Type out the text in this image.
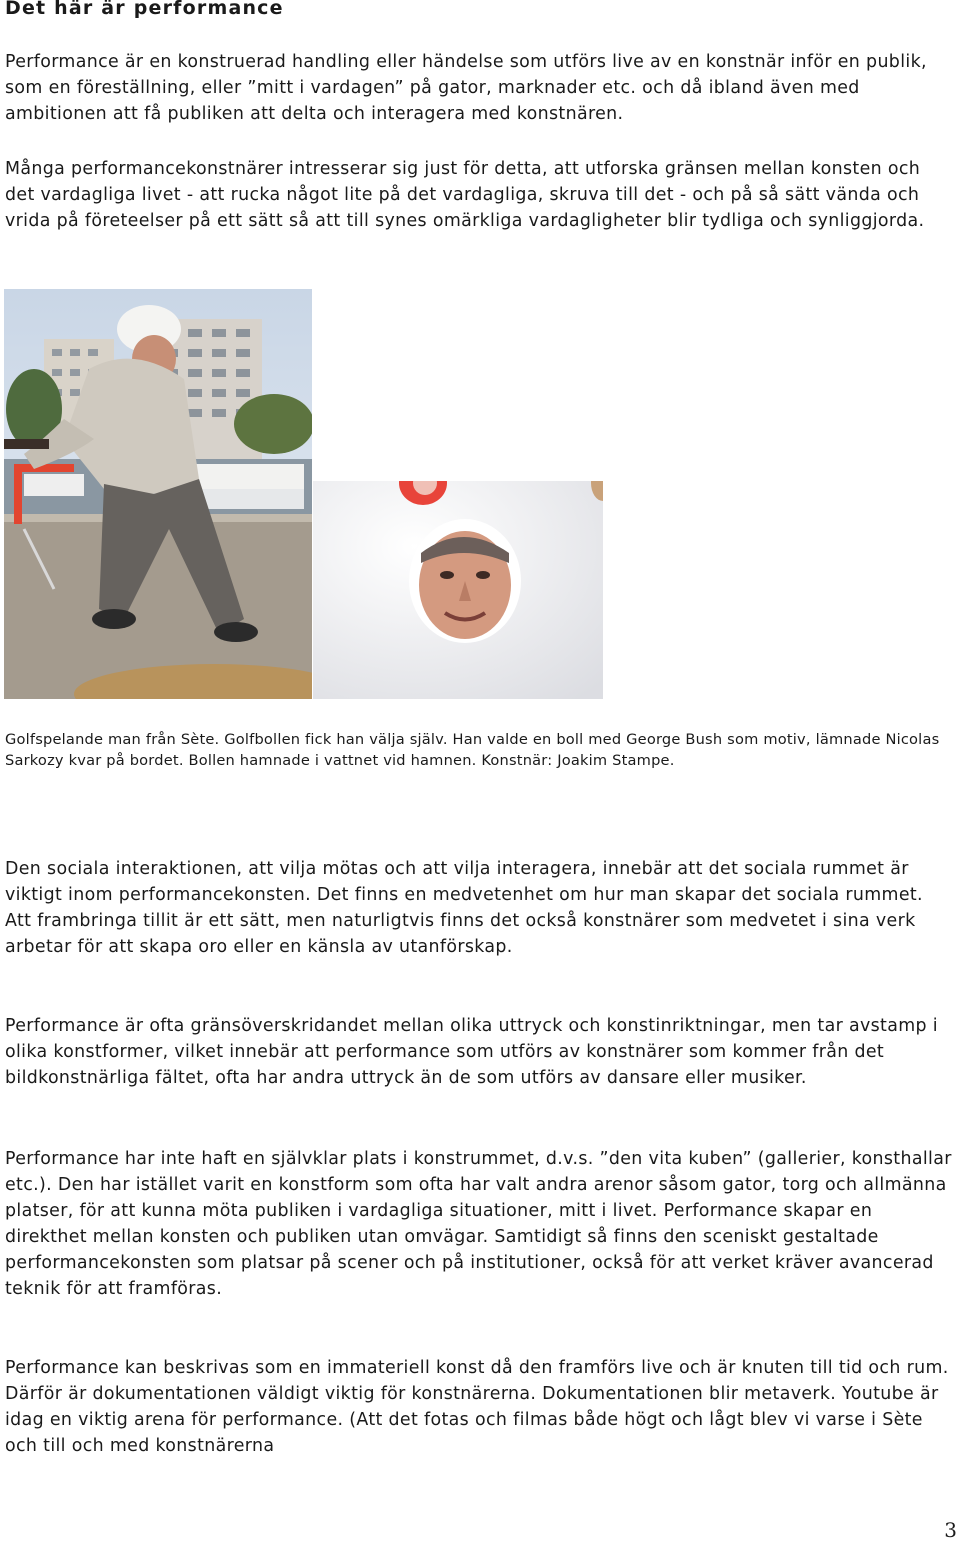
Det här är performance

Performance är en konstruerad handling eller händelse som utförs live av en konstnär inför en publik, som en föreställning, eller ”mitt i vardagen” på gator, marknader etc. och då ibland även med ambitionen att få publiken att delta och interagera med konstnären.

Många performancekonstnärer intresserar sig just för detta, att utforska gränsen mellan konsten och det vardagliga livet - att rucka något lite på det vardagliga, skruva till det - och på så sätt vända och vrida på företeelser på ett sätt så att till synes omärkliga vardagligheter blir tydliga och synliggjorda.

Golfspelande man från Sète. Golfbollen fick han välja själv. Han valde en boll med George Bush som motiv, lämnade Nicolas Sarkozy kvar på bordet. Bollen hamnade i vattnet vid hamnen. Konstnär: Joakim Stampe.

Den sociala interaktionen, att vilja mötas och att vilja interagera, innebär att det sociala rummet är viktigt inom performancekonsten. Det finns en medvetenhet om hur man skapar det sociala rummet. Att frambringa tillit är ett sätt, men naturligtvis finns det också konstnärer som medvetet i sina verk arbetar för att skapa oro eller en känsla av utanförskap.

Performance är ofta gränsöverskridandet mellan olika uttryck och konstinriktningar, men tar avstamp i olika konstformer, vilket innebär att performance som utförs av konstnärer som kommer från det bildkonstnärliga fältet, ofta har andra uttryck än de som utförs av dansare eller musiker.

Performance har inte haft en självklar plats i konstrummet, d.v.s. ”den vita kuben” (gallerier, konsthallar etc.). Den har istället varit en konstform som ofta har valt andra arenor såsom gator, torg och allmänna platser, för att kunna möta publiken i vardagliga situationer, mitt i livet. Performance skapar en direkthet mellan konsten och publiken utan omvägar. Samtidigt så finns den sceniskt gestaltade performancekonsten som platsar på scener och på institutioner, också för att verket kräver avancerad teknik för att framföras.

Performance kan beskrivas som en immateriell konst då den framförs live och är knuten till tid och rum. Därför är dokumentationen väldigt viktig för konstnärerna. Dokumentationen blir metaverk. Youtube är idag en viktig arena för performance. (Att det fotas och filmas både högt och lågt blev vi varse i Sète och till och med konstnärerna

3
